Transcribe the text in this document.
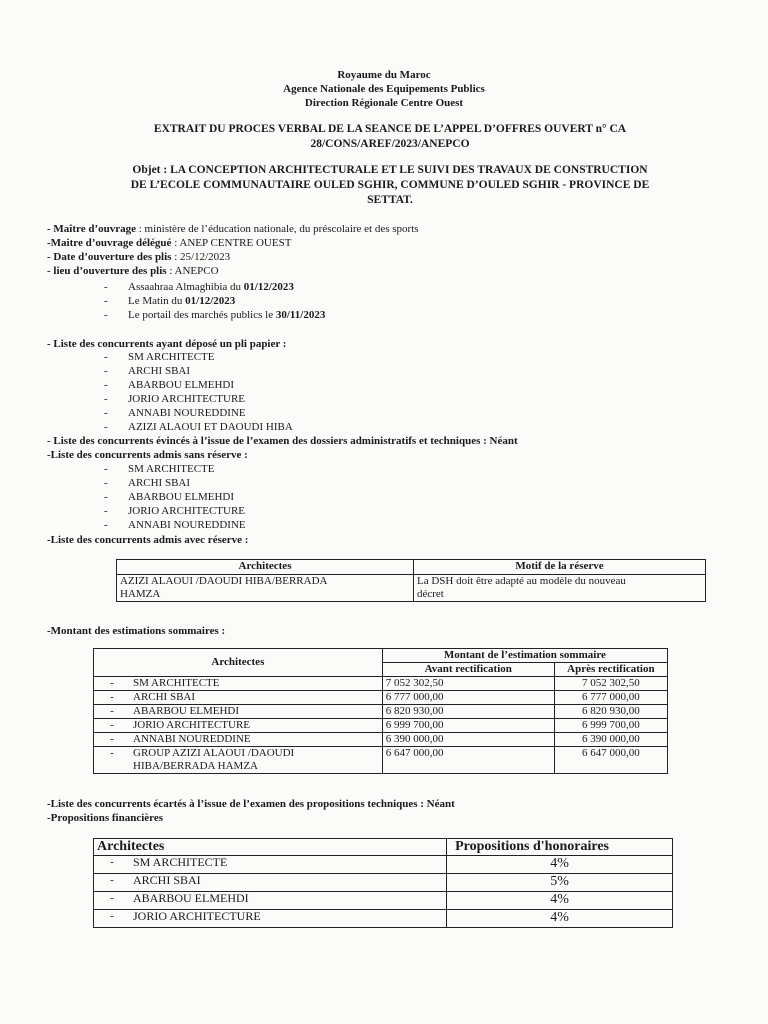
Royaume du Maroc
Agence Nationale des Equipements Publics
Direction Régionale Centre Ouest
EXTRAIT DU PROCES VERBAL DE LA SEANCE DE L’APPEL D’OFFRES OUVERT n° CA
28/CONS/AREF/2023/ANEPCO
Objet : LA CONCEPTION ARCHITECTURALE ET LE SUIVI DES TRAVAUX DE CONSTRUCTION
DE L’ECOLE COMMUNAUTAIRE OULED SGHIR, COMMUNE D’OULED SGHIR - PROVINCE DE
SETTAT.
- Maître d’ouvrage : ministère de l’éducation nationale, du préscolaire et des sports
-Maitre d’ouvrage délégué : ANEP CENTRE OUEST
- Date d’ouverture des plis : 25/12/2023
- lieu d’ouverture des plis : ANEPCO
- Assaahraa Almaghibia du 01/12/2023
- Le Matin du 01/12/2023
- Le portail des marchés publics le 30/11/2023
- Liste des concurrents ayant déposé un pli papier :
- SM ARCHITECTE
- ARCHI SBAI
- ABARBOU ELMEHDI
- JORIO ARCHITECTURE
- ANNABI NOUREDDINE
- AZIZI ALAOUI ET DAOUDI HIBA
- Liste des concurrents évincés à l’issue de l’examen des dossiers administratifs et techniques : Néant
-Liste des concurrents admis sans réserve :
- SM ARCHITECTE
- ARCHI SBAI
- ABARBOU ELMEHDI
- JORIO ARCHITECTURE
- ANNABI NOUREDDINE
-Liste des concurrents admis avec réserve :
Architectes	Motif de la réserve
AZIZI ALAOUI /DAOUDI HIBA/BERRADA
HAMZA	La DSH doit être adapté au modèle du nouveau
décret
-Montant des estimations sommaires :
Architectes		Montant de l’estimation sommaire	
		Avant rectification	Après rectification
-	SM ARCHITECTE	7 052 302,50	7 052 302,50
-	ARCHI SBAI	6 777 000,00	6 777 000,00
-	ABARBOU ELMEHDI	6 820 930,00	6 820 930,00
-	JORIO ARCHITECTURE	6 999 700,00	6 999 700,00
-	ANNABI NOUREDDINE	6 390 000,00	6 390 000,00
-	GROUP AZIZI ALAOUI /DAOUDI
HIBA/BERRADA HAMZA	6 647 000,00	6 647 000,00
-Liste des concurrents écartés à l’issue de l’examen des propositions techniques : Néant
-Propositions financières
Architectes		Propositions d'honoraires
-	SM ARCHITECTE	4%
-	ARCHI SBAI	5%
-	ABARBOU ELMEHDI	4%
-	JORIO ARCHITECTURE	4%
